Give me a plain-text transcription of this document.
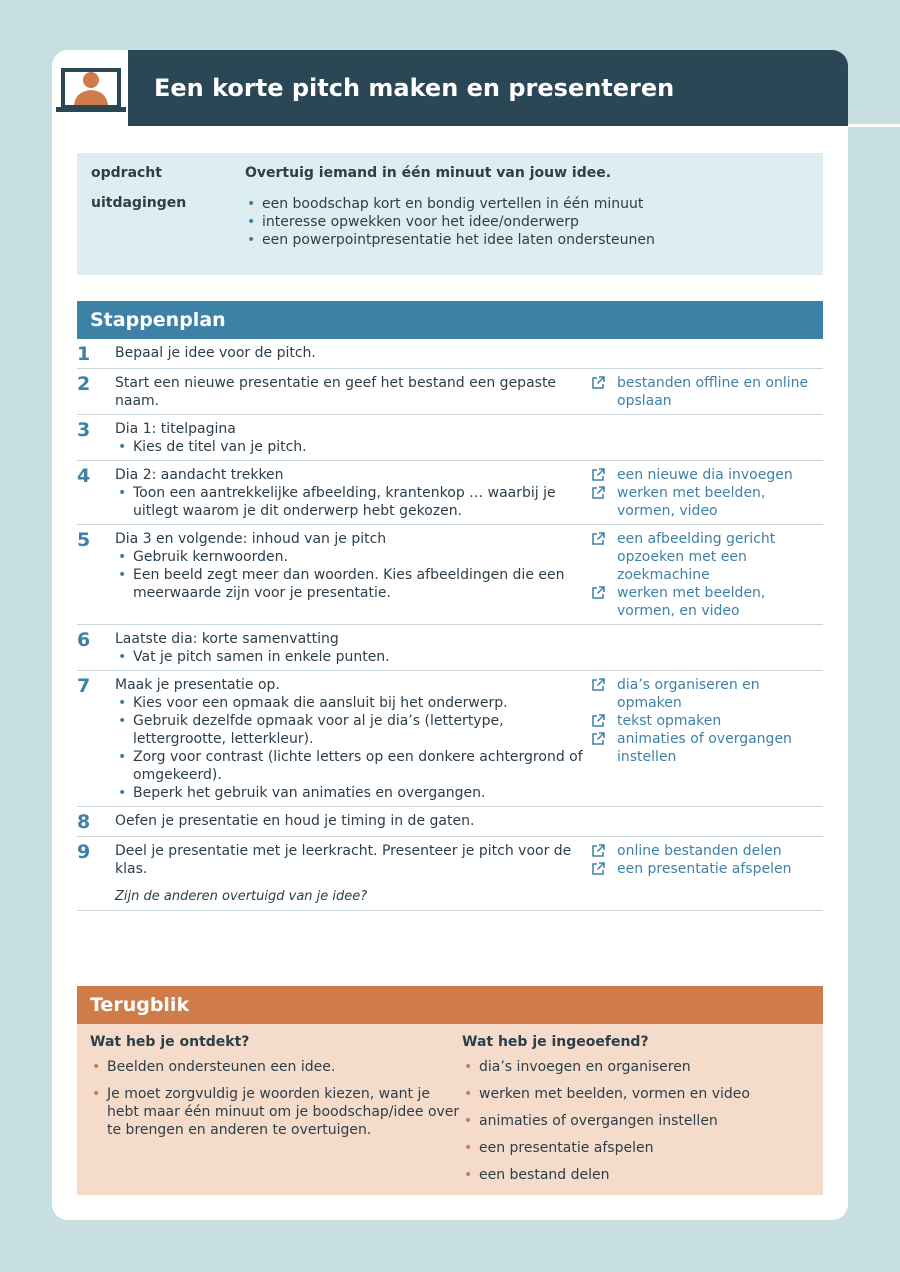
Een korte pitch maken en presenteren
opdracht	Overtuig iemand in één minuut van jouw idee.
uitdagingen
•	een boodschap kort en bondig vertellen in één minuut
• interesse opwekken voor het idee/onderwerp
• een powerpointpresentatie het idee laten ondersteunen
Stappenplan
1	Bepaal je idee voor de pitch.
2	Start een nieuwe presentatie en geef het bestand een gepaste naam.
bestanden offline en online opslaan
3	Dia 1: titelpagina
• Kies de titel van je pitch.
4	Dia 2: aandacht trekken
• Toon een aantrekkelijke afbeelding, krantenkop … waarbij je uitlegt waarom je dit onderwerp hebt gekozen.
een nieuwe dia invoegen
werken met beelden, vormen, video
5	Dia 3 en volgende: inhoud van je pitch
• Gebruik kernwoorden.
• Een beeld zegt meer dan woorden. Kies afbeeldingen die een meerwaarde zijn voor je presentatie.
een afbeelding gericht opzoeken met een zoekmachine
werken met beelden, vormen, en video
6	Laatste dia: korte samenvatting
• Vat je pitch samen in enkele punten.
7	Maak je presentatie op.
• Kies voor een opmaak die aansluit bij het onderwerp.
• Gebruik dezelfde opmaak voor al je dia’s (lettertype, lettergrootte, letterkleur).
• Zorg voor contrast (lichte letters op een donkere achtergrond of omgekeerd).
• Beperk het gebruik van animaties en overgangen.
dia’s organiseren en opmaken
tekst opmaken
animaties of overgangen instellen
8	Oefen je presentatie en houd je timing in de gaten.
9	Deel je presentatie met je leerkracht. Presenteer je pitch voor de klas.
Zijn de anderen overtuigd van je idee?
online bestanden delen
een presentatie afspelen
Terugblik
Wat heb je ontdekt?
• Beelden ondersteunen een idee.
• Je moet zorgvuldig je woorden kiezen, want je hebt maar één minuut om je boodschap/idee over te brengen en anderen te overtuigen.
Wat heb je ingeoefend?
• dia’s invoegen en organiseren
• werken met beelden, vormen en video
• animaties of overgangen instellen
• een presentatie afspelen
• een bestand delen
